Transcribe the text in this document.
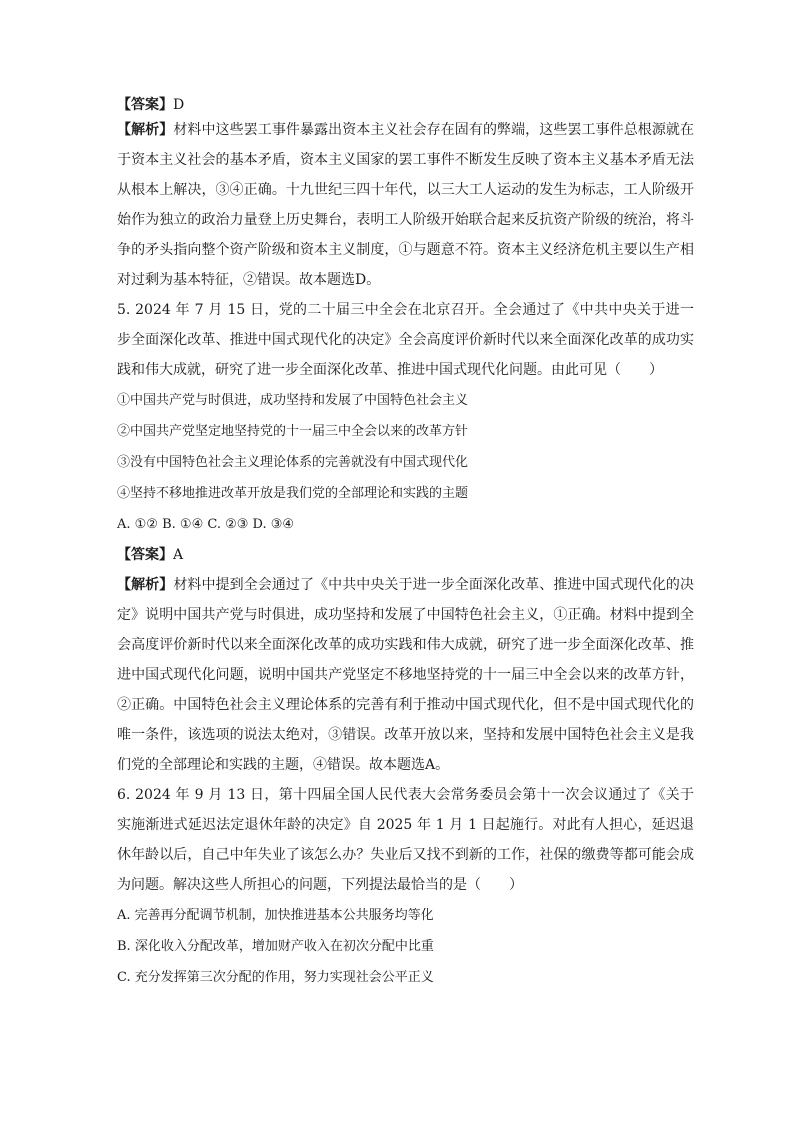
【答案】D

【解析】材料中这些罢工事件暴露出资本主义社会存在固有的弊端，这些罢工事件总根源就在于资本主义社会的基本矛盾，资本主义国家的罢工事件不断发生反映了资本主义基本矛盾无法从根本上解决，③④正确。十九世纪三四十年代，以三大工人运动的发生为标志，工人阶级开始作为独立的政治力量登上历史舞台，表明工人阶级开始联合起来反抗资产阶级的统治，将斗争的矛头指向整个资产阶级和资本主义制度，①与题意不符。资本主义经济危机主要以生产相对过剩为基本特征，②错误。故本题选D。

5. 2024 年 7 月 15 日，党的二十届三中全会在北京召开。全会通过了《中共中央关于进一步全面深化改革、推进中国式现代化的决定》全会高度评价新时代以来全面深化改革的成功实践和伟大成就，研究了进一步全面深化改革、推进中国式现代化问题。由此可见（　　）

①中国共产党与时俱进，成功坚持和发展了中国特色社会主义

②中国共产党坚定地坚持党的十一届三中全会以来的改革方针

③没有中国特色社会主义理论体系的完善就没有中国式现代化

④坚持不移地推进改革开放是我们党的全部理论和实践的主题

A. ①② B. ①④ C. ②③ D. ③④

【答案】A

【解析】材料中提到全会通过了《中共中央关于进一步全面深化改革、推进中国式现代化的决定》说明中国共产党与时俱进，成功坚持和发展了中国特色社会主义，①正确。材料中提到全会高度评价新时代以来全面深化改革的成功实践和伟大成就，研究了进一步全面深化改革、推进中国式现代化问题，说明中国共产党坚定不移地坚持党的十一届三中全会以来的改革方针，②正确。中国特色社会主义理论体系的完善有利于推动中国式现代化，但不是中国式现代化的唯一条件，该选项的说法太绝对，③错误。改革开放以来，坚持和发展中国特色社会主义是我们党的全部理论和实践的主题，④错误。故本题选A。

6. 2024 年 9 月 13 日，第十四届全国人民代表大会常务委员会第十一次会议通过了《关于实施渐进式延迟法定退休年龄的决定》自 2025 年 1 月 1 日起施行。对此有人担心，延迟退休年龄以后，自己中年失业了该怎么办？失业后又找不到新的工作，社保的缴费等都可能会成为问题。解决这些人所担心的问题，下列提法最恰当的是（　　）

A. 完善再分配调节机制，加快推进基本公共服务均等化

B. 深化收入分配改革，增加财产收入在初次分配中比重

C. 充分发挥第三次分配的作用，努力实现社会公平正义
